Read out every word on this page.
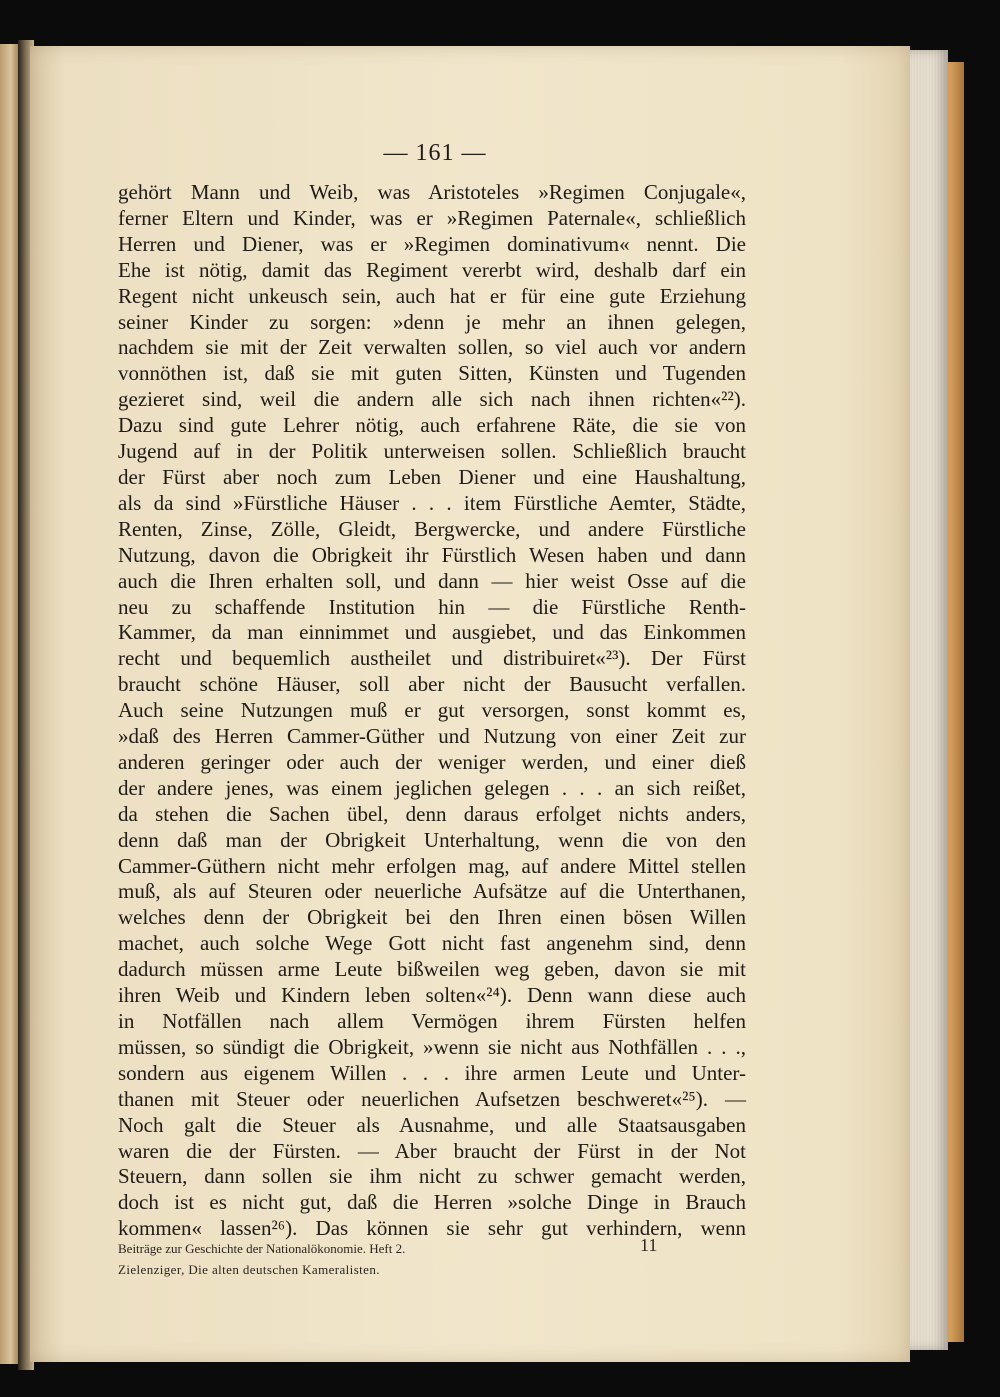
— 161 —
gehört Mann und Weib, was Aristoteles »Regimen Conjugale«,
ferner Eltern und Kinder, was er »Regimen Paternale«, schließlich
Herren und Diener, was er »Regimen dominativum« nennt. Die
Ehe ist nötig, damit das Regiment vererbt wird, deshalb darf ein
Regent nicht unkeusch sein, auch hat er für eine gute Erziehung
seiner Kinder zu sorgen: »denn je mehr an ihnen gelegen,
nachdem sie mit der Zeit verwalten sollen, so viel auch vor andern
vonnöthen ist, daß sie mit guten Sitten, Künsten und Tugenden
gezieret sind, weil die andern alle sich nach ihnen richten«²²).
Dazu sind gute Lehrer nötig, auch erfahrene Räte, die sie von
Jugend auf in der Politik unterweisen sollen. Schließlich braucht
der Fürst aber noch zum Leben Diener und eine Haushaltung,
als da sind »Fürstliche Häuser . . . item Fürstliche Aemter, Städte,
Renten, Zinse, Zölle, Gleidt, Bergwercke, und andere Fürstliche
Nutzung, davon die Obrigkeit ihr Fürstlich Wesen haben und dann
auch die Ihren erhalten soll, und dann — hier weist Osse auf die
neu zu schaffende Institution hin — die Fürstliche Renth-
Kammer, da man einnimmet und ausgiebet, und das Einkommen
recht und bequemlich austheilet und distribuiret«²³). Der Fürst
braucht schöne Häuser, soll aber nicht der Bausucht verfallen.
Auch seine Nutzungen muß er gut versorgen, sonst kommt es,
»daß des Herren Cammer-Güther und Nutzung von einer Zeit zur
anderen geringer oder auch der weniger werden, und einer dieß
der andere jenes, was einem jeglichen gelegen . . . an sich reißet,
da stehen die Sachen übel, denn daraus erfolget nichts anders,
denn daß man der Obrigkeit Unterhaltung, wenn die von den
Cammer-Güthern nicht mehr erfolgen mag, auf andere Mittel stellen
muß, als auf Steuren oder neuerliche Aufsätze auf die Unterthanen,
welches denn der Obrigkeit bei den Ihren einen bösen Willen
machet, auch solche Wege Gott nicht fast angenehm sind, denn
dadurch müssen arme Leute bißweilen weg geben, davon sie mit
ihren Weib und Kindern leben solten«²⁴). Denn wann diese auch
in Notfällen nach allem Vermögen ihrem Fürsten helfen
müssen, so sündigt die Obrigkeit, »wenn sie nicht aus Nothfällen . . .,
sondern aus eigenem Willen . . . ihre armen Leute und Unter-
thanen mit Steuer oder neuerlichen Aufsetzen beschweret«²⁵). —
Noch galt die Steuer als Ausnahme, und alle Staatsausgaben
waren die der Fürsten. — Aber braucht der Fürst in der Not
Steuern, dann sollen sie ihm nicht zu schwer gemacht werden,
doch ist es nicht gut, daß die Herren »solche Dinge in Brauch
kommen« lassen²⁶). Das können sie sehr gut verhindern, wenn
Beiträge zur Geschichte der Nationalökonomie. Heft 2.	11
Zielenziger, Die alten deutschen Kameralisten.
